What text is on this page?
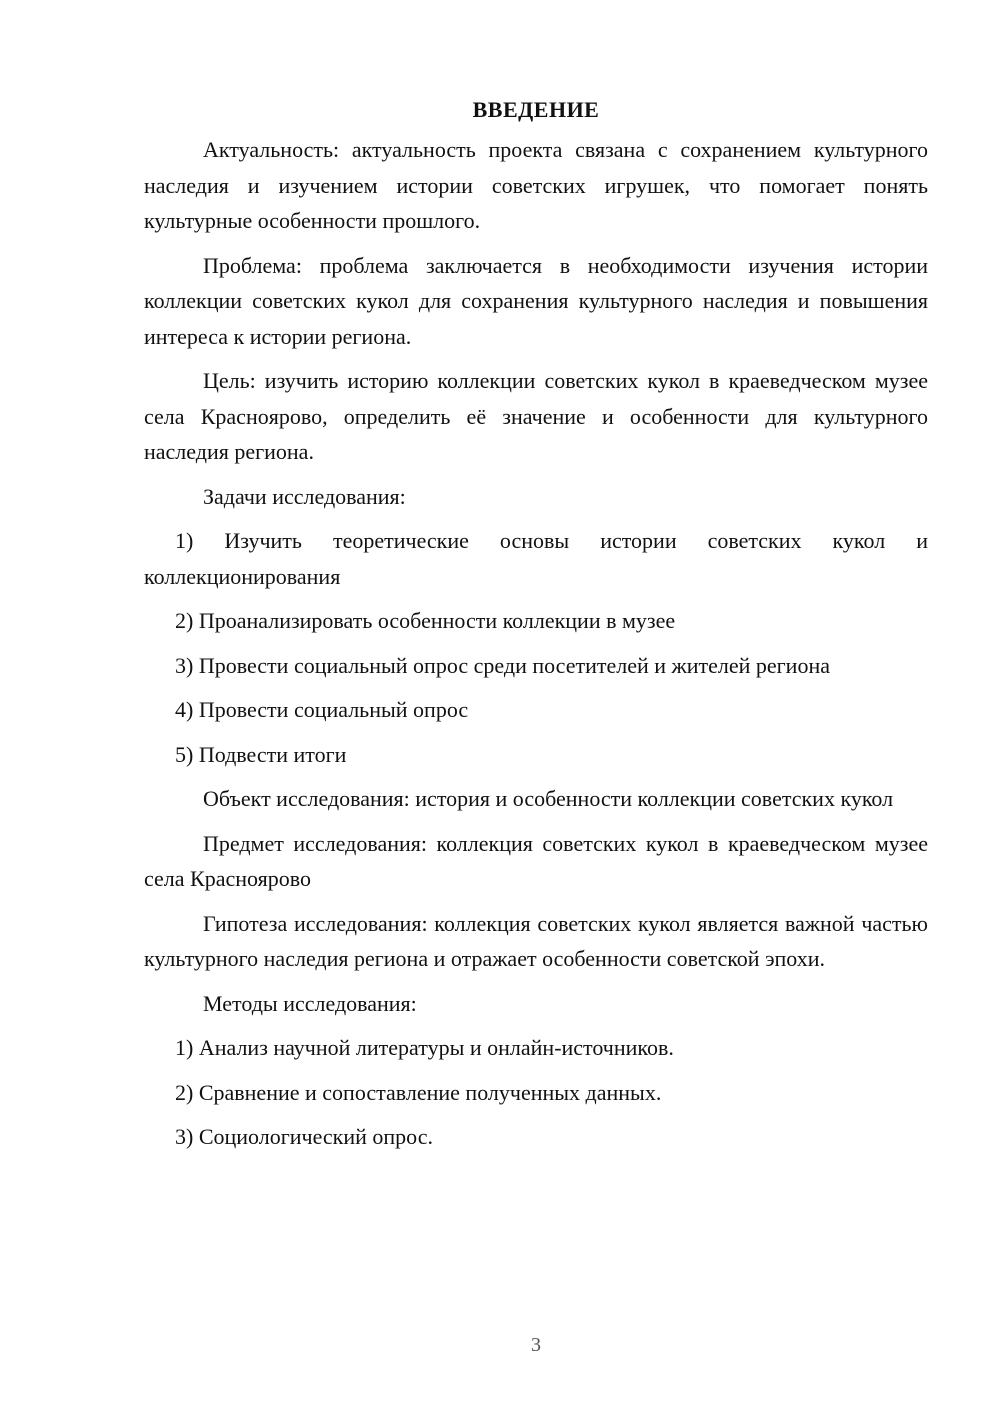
ВВЕДЕНИЕ

Актуальность: актуальность проекта связана с сохранением культурного наследия и изучением истории советских игрушек, что помогает понять культурные особенности прошлого.

Проблема: проблема заключается в необходимости изучения истории коллекции советских кукол для сохранения культурного наследия и повышения интереса к истории региона.

Цель: изучить историю коллекции советских кукол в краеведческом музее села Краснoярово, определить её значение и особенности для культурного наследия региона.

Задачи исследования:

1) Изучить теоретические основы истории советских кукол и коллекционирования

2) Проанализировать особенности коллекции в музее

3) Провести социальный опрос среди посетителей и жителей региона

4) Провести социальный опрос

5) Подвести итоги

Объект исследования: история и особенности коллекции советских кукол

Предмет исследования: коллекция советских кукол в краеведческом музее села Красноярово

Гипотеза исследования: коллекция советских кукол является важной частью культурного наследия региона и отражает особенности советской эпохи.

Методы исследования:

1) Анализ научной литературы и онлайн-источников.

2) Сравнение и сопоставление полученных данных.

3) Социологический опрос.

3
